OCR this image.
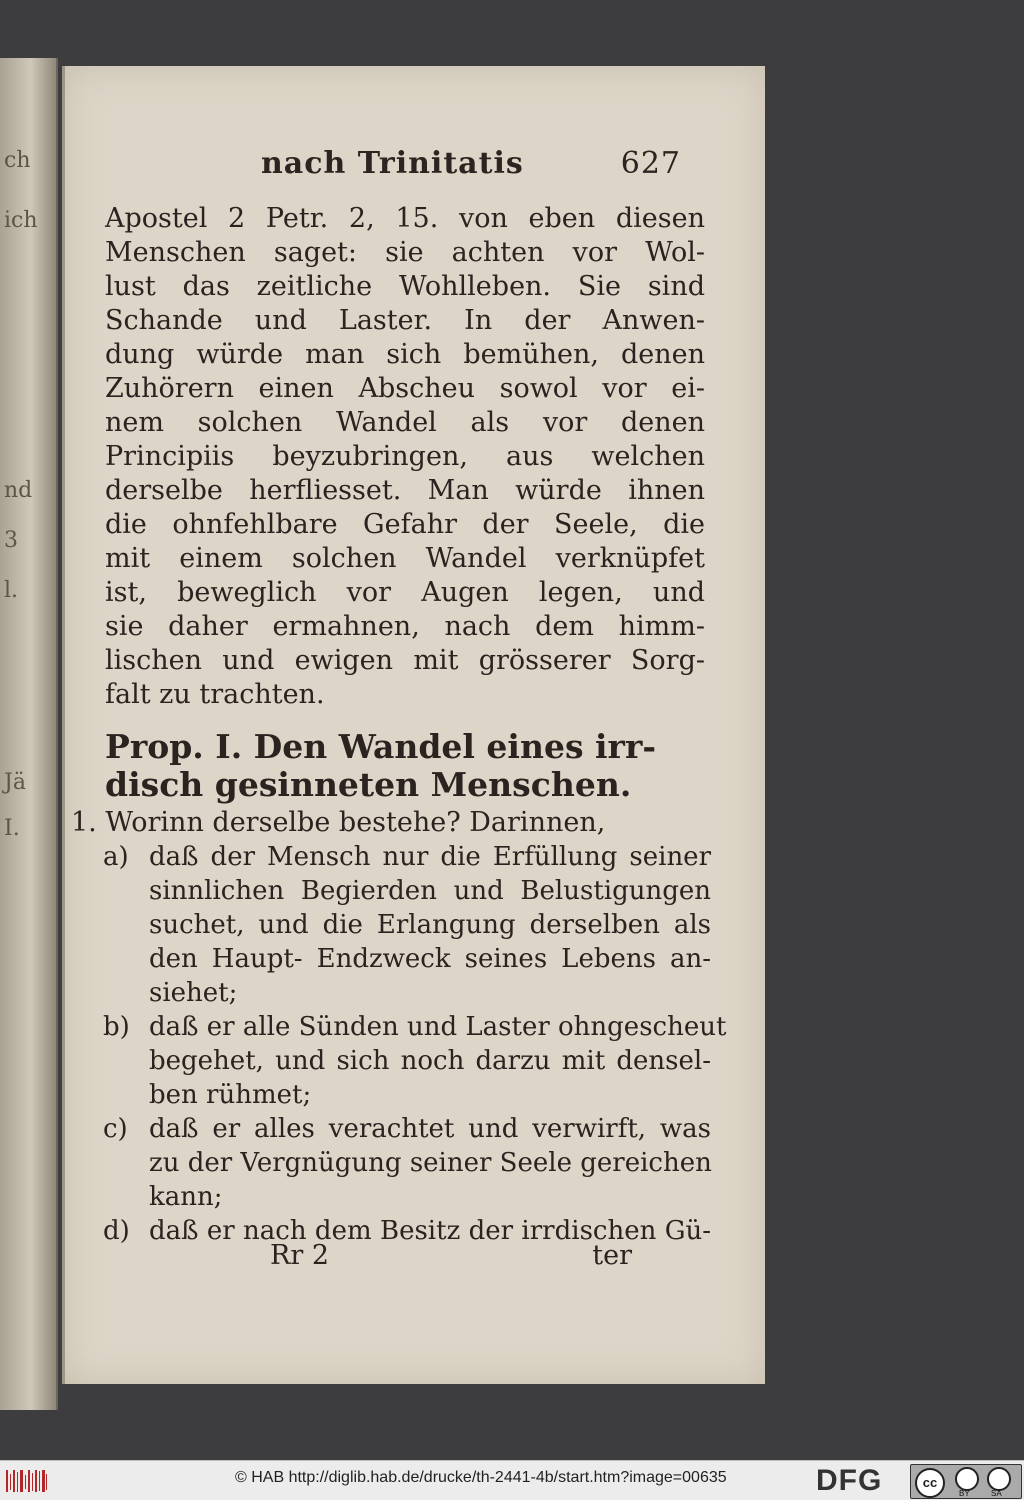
ch
ich
nd
3
l.
Jä
I.
nach Trinitatis	627
Apostel 2 Petr. 2, 15. von eben diesen
Menschen saget: sie achten vor Wol-
lust das zeitliche Wohlleben. Sie sind
Schande und Laster. In der Anwen-
dung würde man sich bemühen, denen
Zuhörern einen Abscheu sowol vor ei-
nem solchen Wandel als vor denen
Principiis beyzubringen, aus welchen
derselbe herfliesset. Man würde ihnen
die ohnfehlbare Gefahr der Seele, die
mit einem solchen Wandel verknüpfet
ist, beweglich vor Augen legen, und
sie daher ermahnen, nach dem himm-
lischen und ewigen mit grösserer Sorg-
falt zu trachten.
Prop. I. Den Wandel eines irr-
disch gesinneten Menschen.
1. Worinn derselbe bestehe? Darinnen,
a) daß der Mensch nur die Erfüllung seiner
sinnlichen Begierden und Belustigungen
suchet, und die Erlangung derselben als
den Haupt- Endzweck seines Lebens an-
siehet;
b) daß er alle Sünden und Laster ohngescheut
begehet, und sich noch darzu mit densel-
ben rühmet;
c) daß er alles verachtet und verwirft, was
zu der Vergnügung seiner Seele gereichen
kann;
d) daß er nach dem Besitz der irrdischen Gü-
Rr 2	ter
© HAB http://diglib.hab.de/drucke/th-2441-4b/start.htm?image=00635	DFG	cc
BY	SA
